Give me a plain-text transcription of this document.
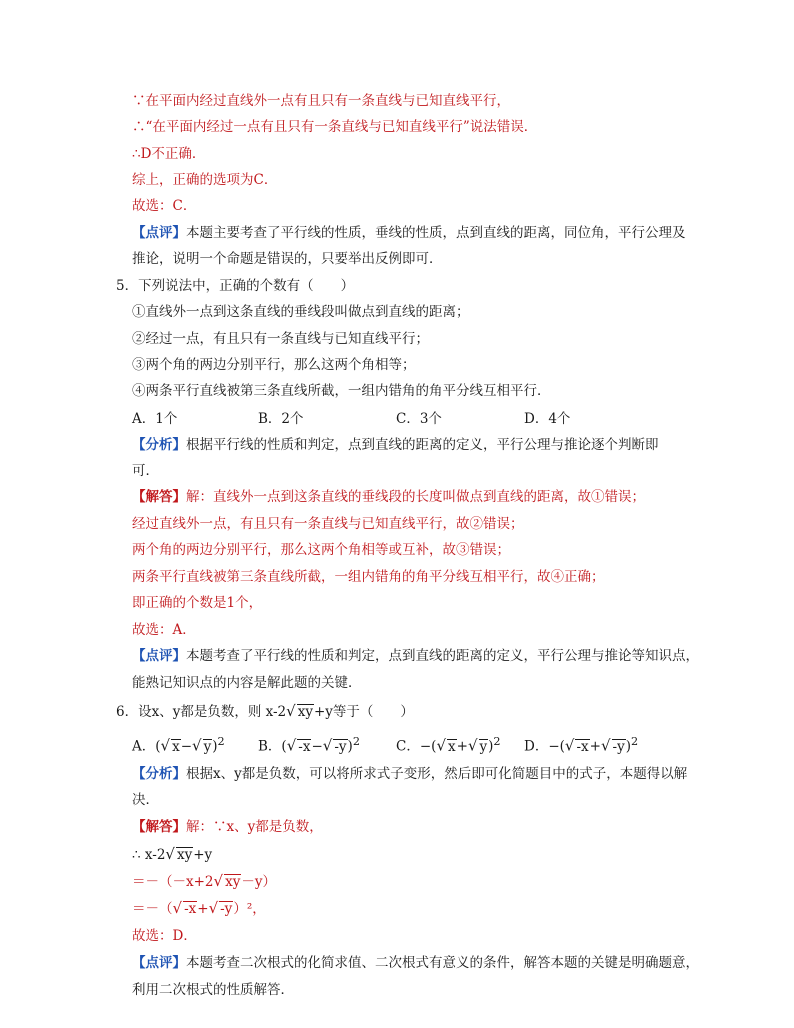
∵在平面内经过直线外一点有且只有一条直线与已知直线平行，
∴“在平面内经过一点有且只有一条直线与已知直线平行”说法错误．
∴D不正确．
综上，正确的选项为C．
故选：C．
【点评】本题主要考查了平行线的性质，垂线的性质，点到直线的距离，同位角，平行公理及
推论，说明一个命题是错误的，只要举出反例即可．
5．下列说法中，正确的个数有（　　）
①直线外一点到这条直线的垂线段叫做点到直线的距离；
②经过一点，有且只有一条直线与已知直线平行；
③两个角的两边分别平行，那么这两个角相等；
④两条平行直线被第三条直线所截，一组内错角的角平分线互相平行．
A．1个	B．2个	C．3个	D．4个
【分析】根据平行线的性质和判定，点到直线的距离的定义，平行公理与推论逐个判断即
可．
【解答】解：直线外一点到这条直线的垂线段的长度叫做点到直线的距离，故①错误；
经过直线外一点，有且只有一条直线与已知直线平行，故②错误；
两个角的两边分别平行，那么这两个角相等或互补，故③错误；
两条平行直线被第三条直线所截，一组内错角的角平分线互相平行，故④正确；
即正确的个数是1个，
故选：A．
【点评】本题考查了平行线的性质和判定，点到直线的距离的定义，平行公理与推论等知识点，
能熟记知识点的内容是解此题的关键．
6．设x、y都是负数，则 x-2√ xy+y等于（　　）
A．(√ x−√ y)$^2$ B．(√ -x−√ -y)$^2$	C．−(√ x+√ y)$^2$ D．−(√ -x+√ -y)$^2$
【分析】根据x、y都是负数，可以将所求式子变形，然后即可化简题目中的式子，本题得以解
决．
【解答】解：∵x、y都是负数，
∴ x-2√ xy+y
＝－（－x+2√ xy－y）
＝－（√ -x+√ -y）²，
故选：D．
【点评】本题考查二次根式的化简求值、二次根式有意义的条件，解答本题的关键是明确题意，
利用二次根式的性质解答．
